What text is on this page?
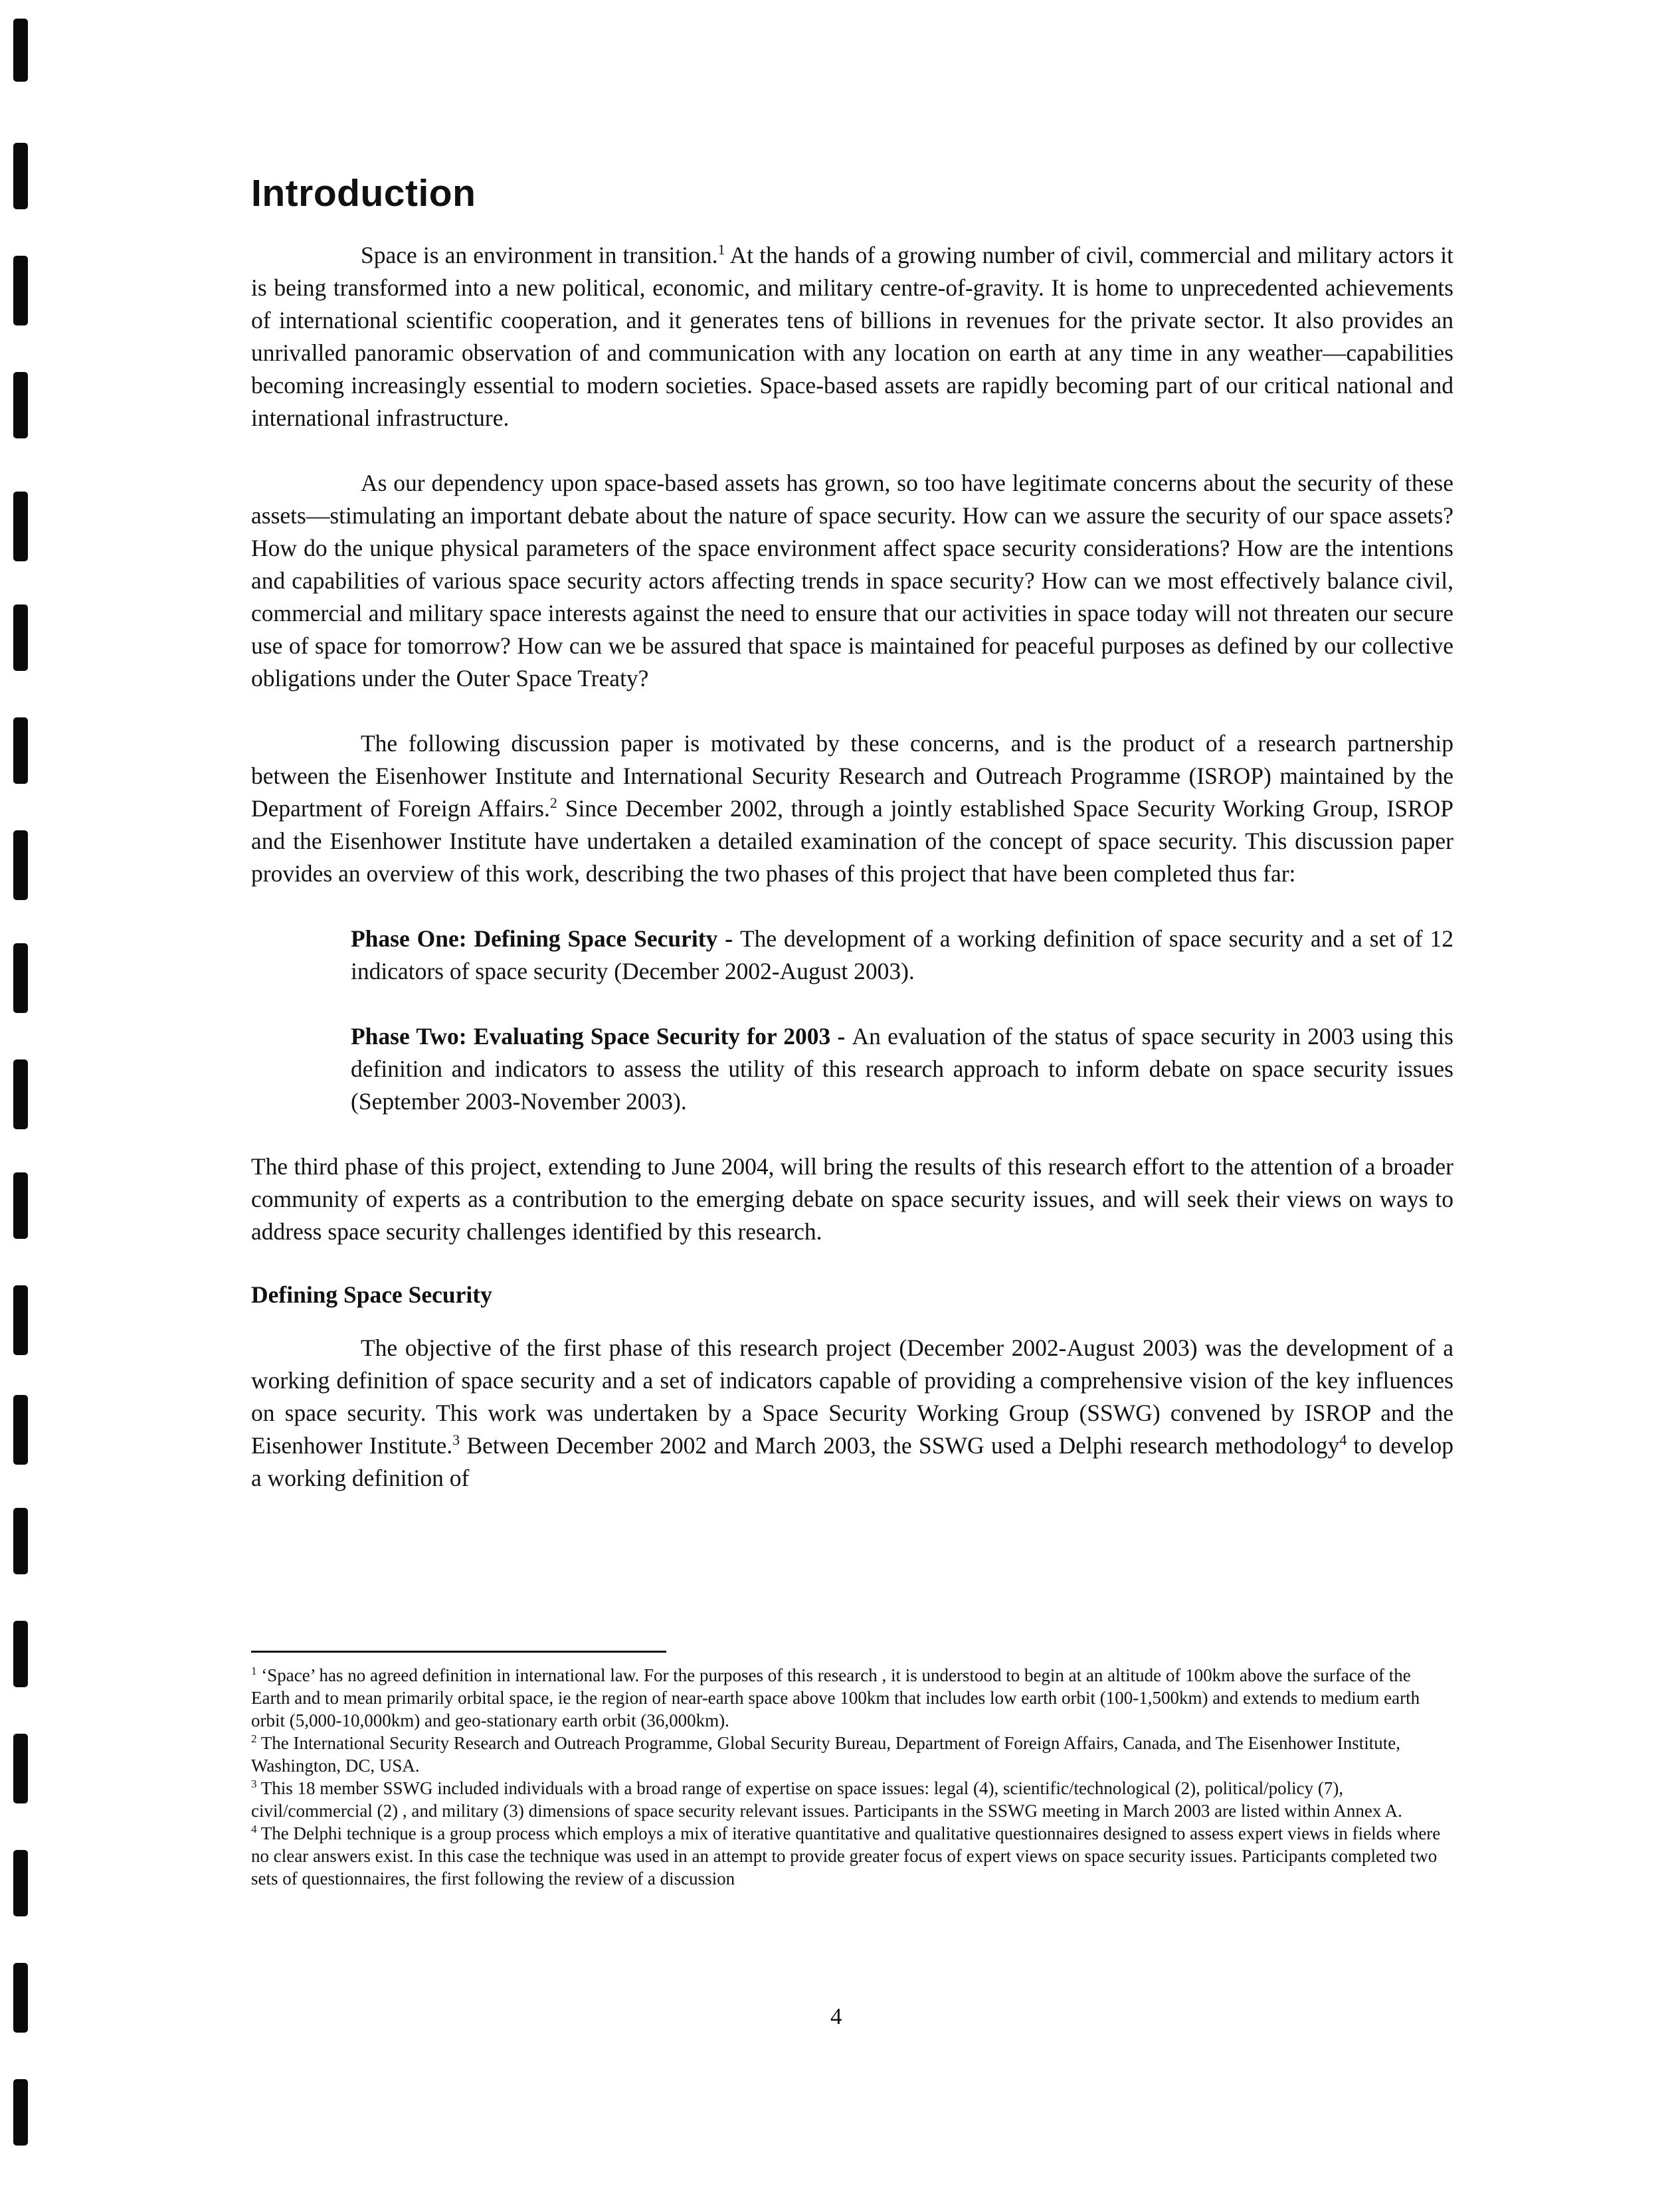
Introduction

Space is an environment in transition.$^1$ At the hands of a growing number of civil, commercial and military actors it is being transformed into a new political, economic, and military centre-of-gravity. It is home to unprecedented achievements of international scientific cooperation, and it generates tens of billions in revenues for the private sector. It also provides an unrivalled panoramic observation of and communication with any location on earth at any time in any weather—capabilities becoming increasingly essential to modern societies. Space-based assets are rapidly becoming part of our critical national and international infrastructure.

As our dependency upon space-based assets has grown, so too have legitimate concerns about the security of these assets—stimulating an important debate about the nature of space security. How can we assure the security of our space assets? How do the unique physical parameters of the space environment affect space security considerations? How are the intentions and capabilities of various space security actors affecting trends in space security? How can we most effectively balance civil, commercial and military space interests against the need to ensure that our activities in space today will not threaten our secure use of space for tomorrow? How can we be assured that space is maintained for peaceful purposes as defined by our collective obligations under the Outer Space Treaty?

The following discussion paper is motivated by these concerns, and is the product of a research partnership between the Eisenhower Institute and International Security Research and Outreach Programme (ISROP) maintained by the Department of Foreign Affairs.$^2$ Since December 2002, through a jointly established Space Security Working Group, ISROP and the Eisenhower Institute have undertaken a detailed examination of the concept of space security. This discussion paper provides an overview of this work, describing the two phases of this project that have been completed thus far:

Phase One: Defining Space Security - The development of a working definition of space security and a set of 12 indicators of space security (December 2002-August 2003).
Phase Two: Evaluating Space Security for 2003 - An evaluation of the status of space security in 2003 using this definition and indicators to assess the utility of this research approach to inform debate on space security issues (September 2003-November 2003).

The third phase of this project, extending to June 2004, will bring the results of this research effort to the attention of a broader community of experts as a contribution to the emerging debate on space security issues, and will seek their views on ways to address space security challenges identified by this research.

Defining Space Security

The objective of the first phase of this research project (December 2002-August 2003) was the development of a working definition of space security and a set of indicators capable of providing a comprehensive vision of the key influences on space security. This work was undertaken by a Space Security Working Group (SSWG) convened by ISROP and the Eisenhower Institute.$^3$ Between December 2002 and March 2003, the SSWG used a Delphi research methodology$^4$ to develop a working definition of

$^1$ ‘Space’ has no agreed definition in international law. For the purposes of this research , it is understood to begin at an altitude of 100km above the surface of the Earth and to mean primarily orbital space, ie the region of near-earth space above 100km that includes low earth orbit (100-1,500km) and extends to medium earth orbit (5,000-10,000km) and geo-stationary earth orbit (36,000km).

$^2$ The International Security Research and Outreach Programme, Global Security Bureau, Department of Foreign Affairs, Canada, and The Eisenhower Institute, Washington, DC, USA.

$^3$ This 18 member SSWG included individuals with a broad range of expertise on space issues: legal (4), scientific/technological (2), political/policy (7), civil/commercial (2) , and military (3) dimensions of space security relevant issues. Participants in the SSWG meeting in March 2003 are listed within Annex A.

$^4$ The Delphi technique is a group process which employs a mix of iterative quantitative and qualitative questionnaires designed to assess expert views in fields where no clear answers exist. In this case the technique was used in an attempt to provide greater focus of expert views on space security issues. Participants completed two sets of questionnaires, the first following the review of a discussion

4
